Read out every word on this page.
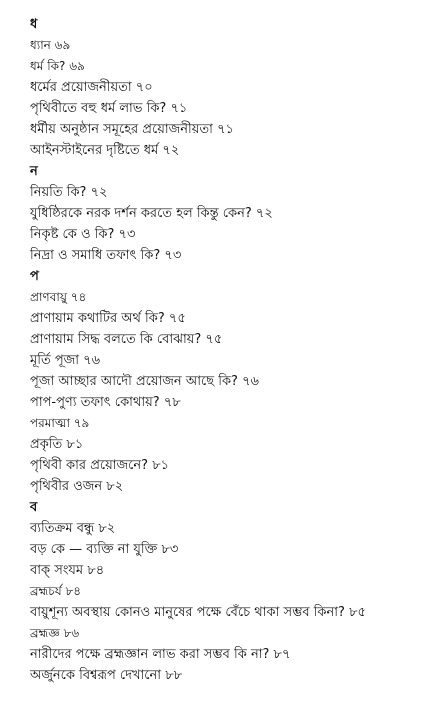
ধ
ধ্যান ৬৯
ধর্ম কি? ৬৯
ধর্মের প্রয়োজনীয়তা ৭০
পৃথিবীতে বহু ধর্ম লাভ কি? ৭১
ধর্মীয় অনুষ্ঠান সমূহের প্রয়োজনীয়তা ৭১
আইনস্টাইনের দৃষ্টিতে ধর্ম ৭২
ন
নিয়তি কি? ৭২
যুধিষ্ঠিরকে নরক দর্শন করতে হল কিন্তু কেন? ৭২
নিকৃষ্ট কে ও কি? ৭৩
নিদ্রা ও সমাধি তফাৎ কি? ৭৩
প
প্রাণবায়ু ৭৪
প্রাণায়াম কথাটির অর্থ কি? ৭৫
প্রাণায়াম সিদ্ধ বলতে কি বোঝায়? ৭৫
মূর্তি পূজা ৭৬
পূজা আচ্ছার আদৌ প্রয়োজন আছে কি? ৭৬
পাপ-পুণ্য তফাৎ কোথায়? ৭৮
পরমাত্মা ৭৯
প্রকৃতি ৮১
পৃথিবী কার প্রয়োজনে? ৮১
পৃথিবীর ওজন ৮২
ব
ব্যতিক্রম বন্ধু ৮২
বড় কে — ব্যক্তি না যুক্তি ৮৩
বাক্‌ সংযম ৮৪
ব্রহ্মচর্য ৮৪
বায়ুশূন্য অবস্থায় কোনও মানুষের পক্ষে বেঁচে থাকা সম্ভব কিনা? ৮৫
ব্রহ্মজ্ঞ ৮৬
নারীদের পক্ষে ব্রহ্মজ্ঞান লাভ করা সম্ভব কি না? ৮৭
অর্জুনকে বিশ্বরূপ দেখানো ৮৮
